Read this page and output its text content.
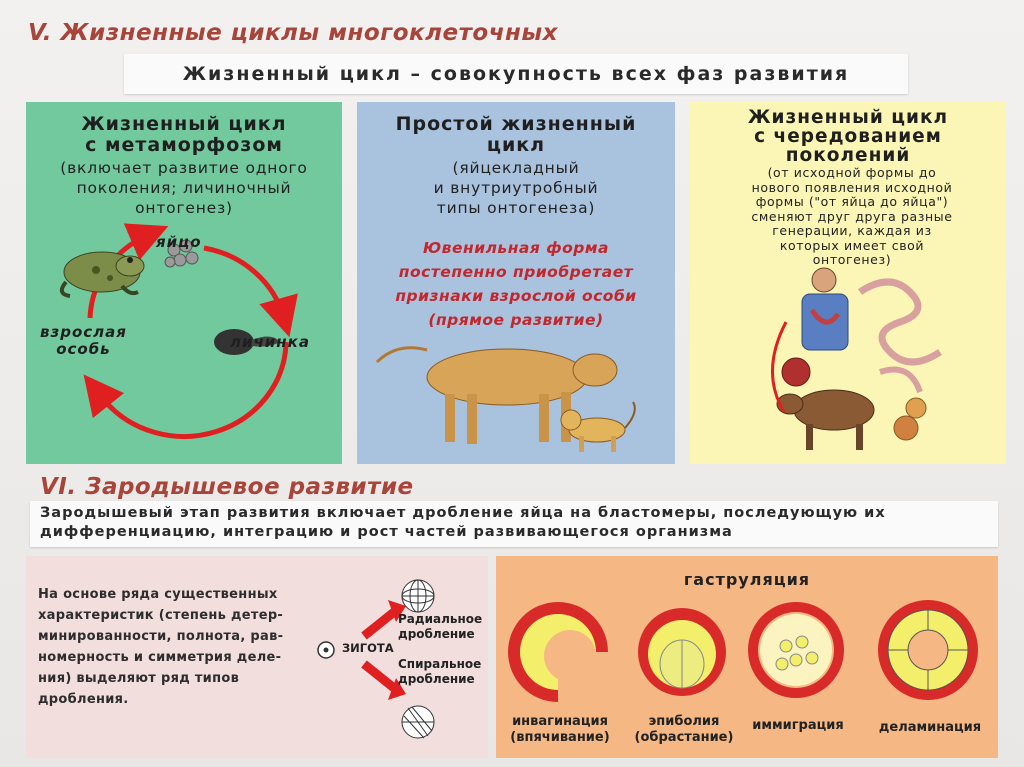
V. Жизненные циклы многоклеточных
Жизненный цикл – совокупность всех фаз развития
Жизненный цикл
с метаморфозом
(включает развитие одного
поколения; личиночный
онтогенез)
яйцо
личинка
взрослая
особь
Простой жизненный
цикл
(яйцекладный
и внутриутробный
типы онтогенеза)
Ювенильная форма
постепенно приобретает
признаки взрослой особи
(прямое развитие)
Жизненный цикл
с чередованием
поколений
(от исходной формы до
нового появления исходной
формы ("от яйца до яйца")
сменяют друг друга разные
генерации, каждая из
которых имеет свой
онтогенез)
VI. Зародышевое развитие
Зародышевый этап развития включает дробление яйца на бластомеры, последующую их
дифференциацию, интеграцию и рост частей развивающегося организма
На основе ряда существенных
характеристик (степень детер-
минированности, полнота, рав-
номерность и симметрия деле-
ния) выделяют ряд типов
дробления.
ЗИГОТА
Радиальное
дробление
Спиральное
дробление
гаструляция
инвагинация
(впячивание)
эпиболия
(обрастание)
иммиграция	деламинация
